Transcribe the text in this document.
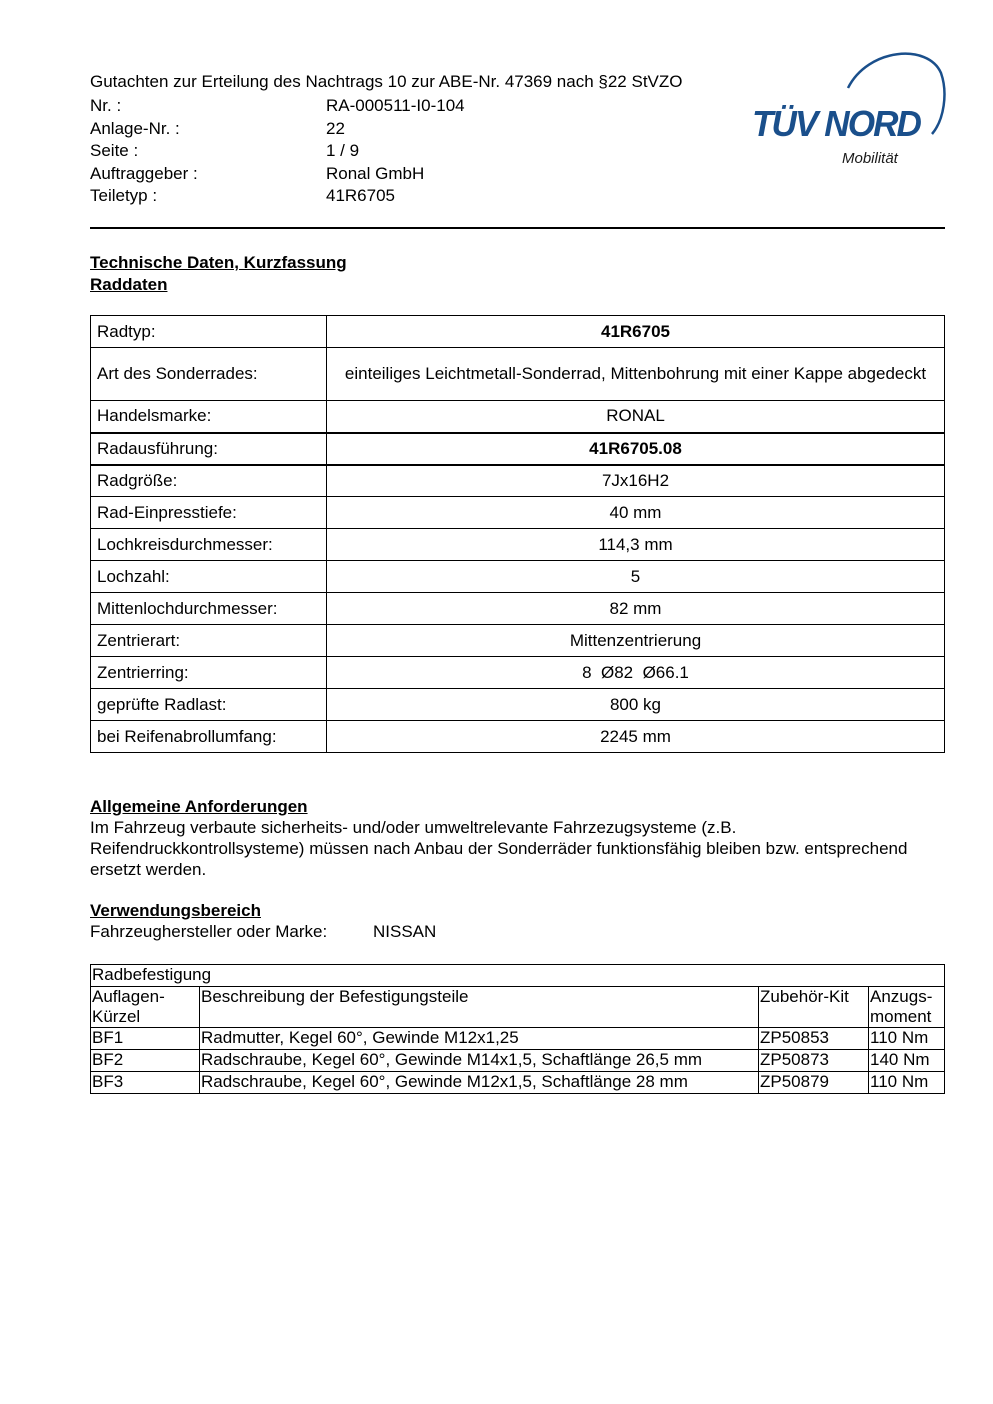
Gutachten zur Erteilung des Nachtrags 10 zur ABE-Nr. 47369 nach §22 StVZO
Nr. :	RA-000511-I0-104
Anlage-Nr. :	22
Seite :	1 / 9
Auftraggeber :	Ronal GmbH
Teiletyp :	41R6705
TÜV NORD
Mobilität
Technische Daten, Kurzfassung
Raddaten
Radtyp:	41R6705
Art des Sonderrades:	einteiliges Leichtmetall-Sonderrad, Mittenbohrung mit einer Kappe abgedeckt
Handelsmarke:	RONAL
Radausführung:	41R6705.08
Radgröße:	7Jx16H2
Rad-Einpresstiefe:	40 mm
Lochkreisdurchmesser:	114,3 mm
Lochzahl:	5
Mittenlochdurchmesser:	82 mm
Zentrierart:	Mittenzentrierung
Zentrierring:	8  Ø82  Ø66.1
geprüfte Radlast:	800 kg
bei Reifenabrollumfang:	2245 mm
Allgemeine Anforderungen
Im Fahrzeug verbaute sicherheits- und/oder umweltrelevante Fahrzezugsysteme (z.B. Reifendruckkontrollsysteme) müssen nach Anbau der Sonderräder funktionsfähig bleiben bzw. entsprechend ersetzt werden.
Verwendungsbereich
Fahrzeughersteller oder Marke:	NISSAN
Radbefestigung			
Auflagen-Kürzel	Beschreibung der Befestigungsteile	Zubehör-Kit	Anzugs-moment
BF1	Radmutter, Kegel 60°, Gewinde M12x1,25	ZP50853	110 Nm
BF2	Radschraube, Kegel 60°, Gewinde M14x1,5, Schaftlänge 26,5 mm	ZP50873	140 Nm
BF3	Radschraube, Kegel 60°, Gewinde M12x1,5, Schaftlänge 28 mm	ZP50879	110 Nm
